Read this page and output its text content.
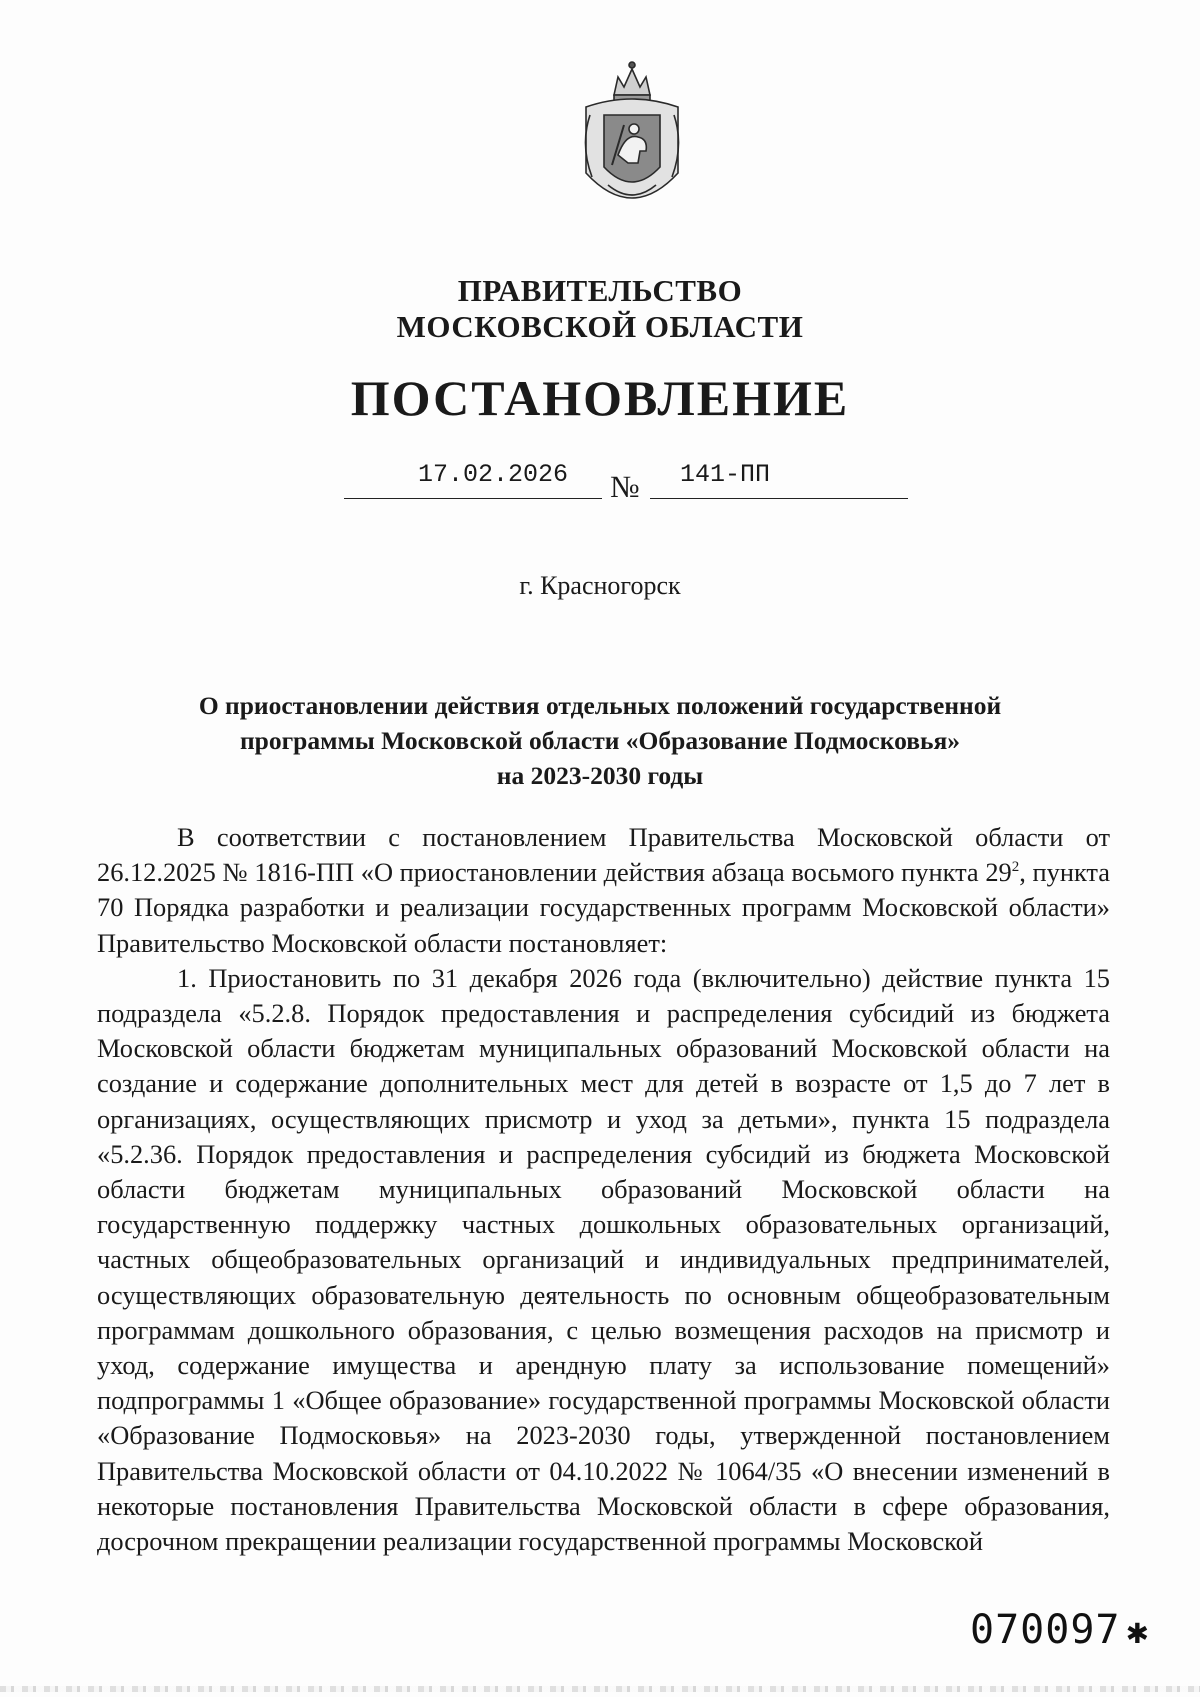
ПРАВИТЕЛЬСТВО
МОСКОВСКОЙ ОБЛАСТИ
ПОСТАНОВЛЕНИЕ
17.02.2026 № 141-ПП
г. Красногорск
О приостановлении действия отдельных положений государственной
программы Московской области «Образование Подмосковья»
на 2023-2030 годы

В соответствии с постановлением Правительства Московской области от 26.12.2025 № 1816-ПП «О приостановлении действия абзаца восьмого пункта $29^2$, пункта 70 Порядка разработки и реализации государственных программ Московской области» Правительство Московской области постановляет:

1. Приостановить по 31 декабря 2026 года (включительно) действие пункта 15 подраздела «5.2.8. Порядок предоставления и распределения субсидий из бюджета Московской области бюджетам муниципальных образований Московской области на создание и содержание дополнительных мест для детей в возрасте от 1,5 до 7 лет в организациях, осуществляющих присмотр и уход за детьми», пункта 15 подраздела «5.2.36. Порядок предоставления и распределения субсидий из бюджета Московской области бюджетам муниципальных образований Московской области на государственную поддержку частных дошкольных образовательных организаций, частных общеобразовательных организаций и индивидуальных предпринимателей, осуществляющих образовательную деятельность по основным общеобразовательным программам дошкольного образования, с целью возмещения расходов на присмотр и уход, содержание имущества и арендную плату за использование помещений» подпрограммы 1 «Общее образование» государственной программы Московской области «Образование Подмосковья» на 2023-2030 годы, утвержденной постановлением Правительства Московской области от 04.10.2022 № 1064/35 «О внесении изменений в некоторые постановления Правительства Московской области в сфере образования, досрочном прекращении реализации государственной программы Московской

070097 ✱
